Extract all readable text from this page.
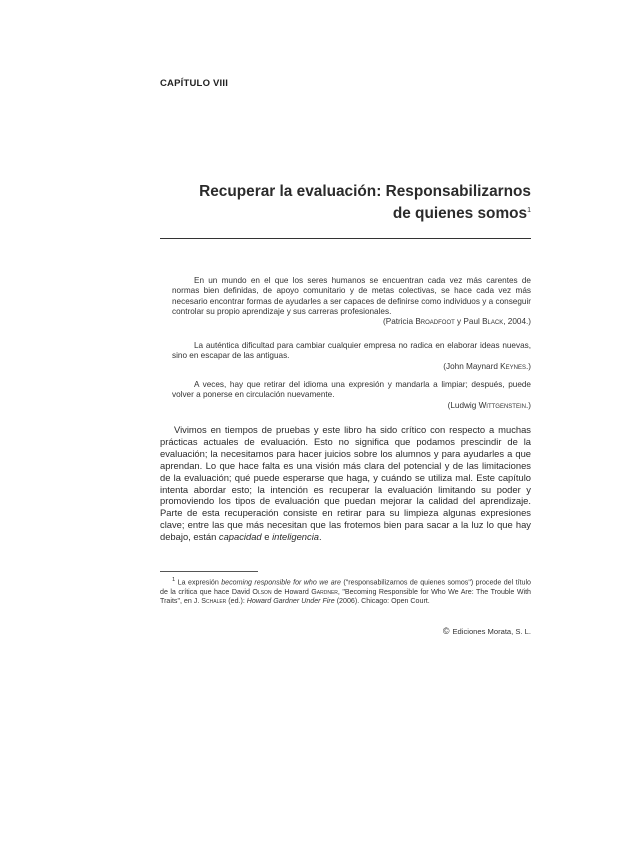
CAPÍTULO VIII
Recuperar la evaluación: Responsabilizarnos
de quienes somos$^1$

En un mundo en el que los seres humanos se encuentran cada vez más carentes de normas bien definidas, de apoyo comunitario y de metas colectivas, se hace cada vez más necesario encontrar formas de ayudarles a ser capaces de definirse como individuos y a conseguir controlar su propio aprendizaje y sus carreras profesionales.

(Patricia Broadfoot y Paul Black, 2004.)

La auténtica dificultad para cambiar cualquier empresa no radica en elaborar ideas nuevas, sino en escapar de las antiguas.

(John Maynard Keynes.)

A veces, hay que retirar del idioma una expresión y mandarla a limpiar; después, puede volver a ponerse en circulación nuevamente.

(Ludwig Wittgenstein.)

Vivimos en tiempos de pruebas y este libro ha sido crítico con respecto a muchas prácticas actuales de evaluación. Esto no significa que podamos prescindir de la evaluación; la necesitamos para hacer juicios sobre los alumnos y para ayudarles a que aprendan. Lo que hace falta es una visión más clara del potencial y de las limitaciones de la evaluación; qué puede esperarse que haga, y cuándo se utiliza mal. Este capítulo intenta abordar esto; la intención es recuperar la evaluación limitando su poder y promoviendo los tipos de evaluación que puedan mejorar la calidad del aprendizaje. Parte de esta recuperación consiste en retirar para su limpieza algunas expresiones clave; entre las que más necesitan que las frotemos bien para sacar a la luz lo que hay debajo, están capacidad e inteligencia.

$^1$ La expresión becoming responsible for who we are ("responsabilizarnos de quienes somos") procede del título de la crítica que hace David Olson de Howard Gardner, "Becoming Responsible for Who We Are: The Trouble With Traits", en J. Schaler (ed.): Howard Gardner Under Fire (2006). Chicago: Open Court.

© Ediciones Morata, S. L.
